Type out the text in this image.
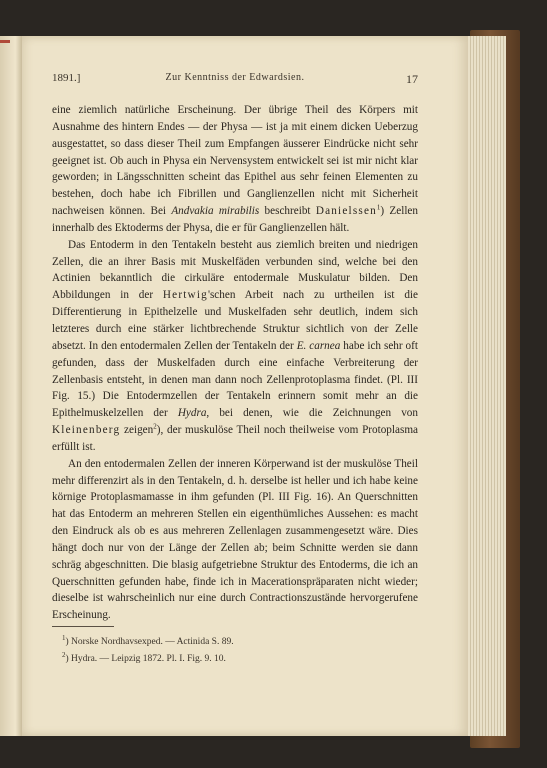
1891.]	Zur Kenntniss der Edwardsien.	17

eine ziemlich natürliche Erscheinung. Der übrige Theil des Körpers mit Ausnahme des hintern Endes — der Physa — ist ja mit einem dicken Ueberzug ausgestattet, so dass dieser Theil zum Empfangen äusserer Eindrücke nicht sehr geeignet ist. Ob auch in Physa ein Nervensystem entwickelt sei ist mir nicht klar geworden; in Längsschnitten scheint das Epithel aus sehr feinen Elementen zu bestehen, doch habe ich Fibrillen und Ganglienzellen nicht mit Sicherheit nachweisen können. Bei Andvakia mirabilis beschreibt Danielssen$^1$) Zellen innerhalb des Ektoderms der Physa, die er für Ganglienzellen hält.

Das Entoderm in den Tentakeln besteht aus ziemlich breiten und niedrigen Zellen, die an ihrer Basis mit Muskelfäden verbunden sind, welche bei den Actinien bekanntlich die cirkuläre entodermale Muskulatur bilden. Den Abbildungen in der Hertwig'schen Arbeit nach zu urtheilen ist die Differentierung in Epithelzelle und Muskelfaden sehr deutlich, indem sich letzteres durch eine stärker lichtbrechende Struktur sichtlich von der Zelle absetzt. In den entodermalen Zellen der Tentakeln der E. carnea habe ich sehr oft gefunden, dass der Muskelfaden durch eine einfache Verbreiterung der Zellenbasis entsteht, in denen man dann noch Zellenprotoplasma findet. (Pl. III Fig. 15.) Die Entodermzellen der Tentakeln erinnern somit mehr an die Epithelmuskelzellen der Hydra, bei denen, wie die Zeichnungen von Kleinenberg zeigen$^2$), der muskulöse Theil noch theilweise vom Protoplasma erfüllt ist.

An den entodermalen Zellen der inneren Körperwand ist der muskulöse Theil mehr differenzirt als in den Tentakeln, d. h. derselbe ist heller und ich habe keine körnige Protoplasmamasse in ihm gefunden (Pl. III Fig. 16). An Querschnitten hat das Entoderm an mehreren Stellen ein eigenthümliches Aussehen: es macht den Eindruck als ob es aus mehreren Zellenlagen zusammengesetzt wäre. Dies hängt doch nur von der Länge der Zellen ab; beim Schnitte werden sie dann schräg abgeschnitten. Die blasig aufgetriebne Struktur des Entoderms, die ich an Querschnitten gefunden habe, finde ich in Macerationspräparaten nicht wieder; dieselbe ist wahrscheinlich nur eine durch Contractionszustände hervorgerufene Erscheinung.

$^1$) Norske Nordhavsexped. — Actinida S. 89.
$^2$) Hydra. — Leipzig 1872. Pl. I. Fig. 9. 10.
